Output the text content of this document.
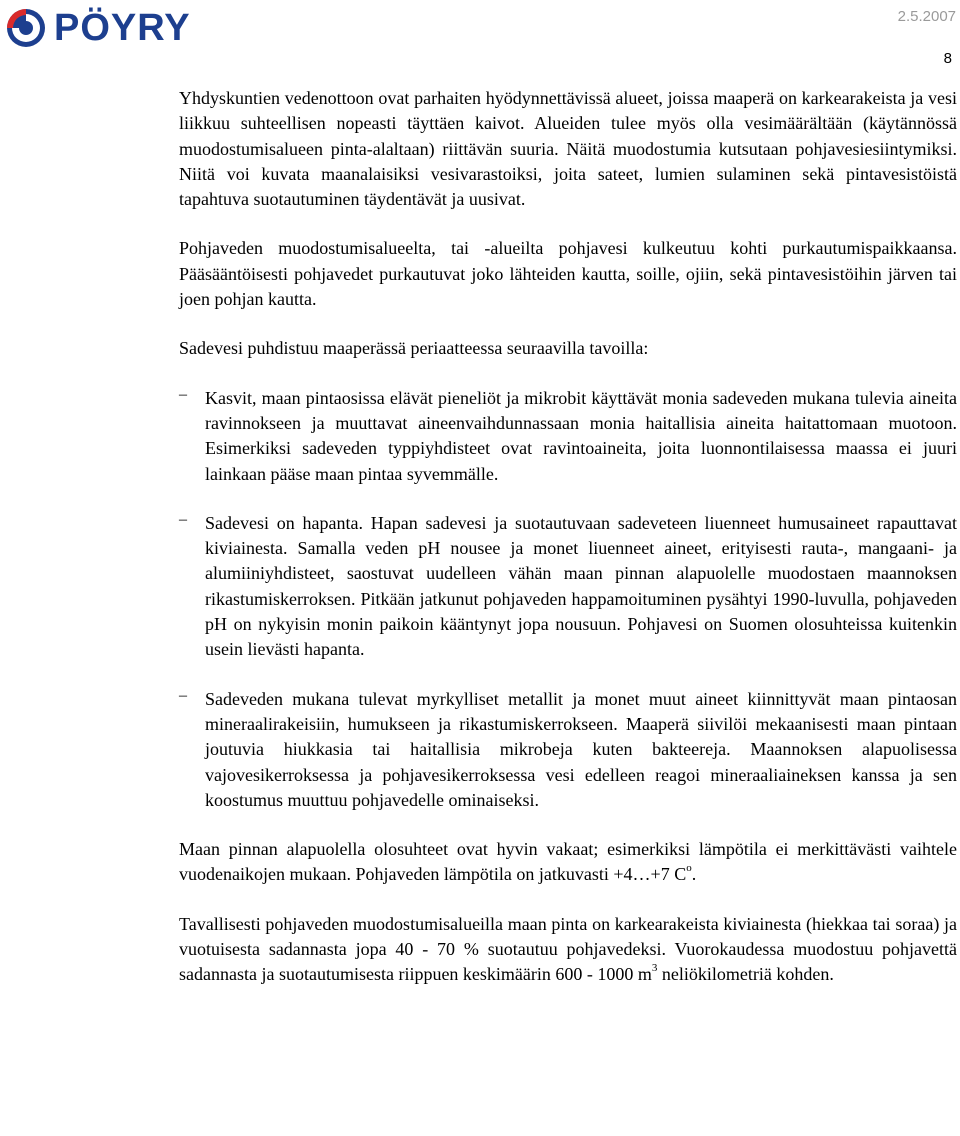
PÖYRY	2.5.2007
8

Yhdyskuntien vedenottoon ovat parhaiten hyödynnettävissä alueet, joissa maaperä on karkearakeista ja vesi liikkuu suhteellisen nopeasti täyttäen kaivot. Alueiden tulee myös olla vesimäärältään (käytännössä muodostumisalueen pinta-alaltaan) riittävän suuria. Näitä muodostumia kutsutaan pohjavesiesiintymiksi. Niitä voi kuvata maanalaisiksi vesivarastoiksi, joita sateet, lumien sulaminen sekä pintavesistöistä tapahtuva suotautuminen täydentävät ja uusivat.

Pohjaveden muodostumisalueelta, tai -alueilta pohjavesi kulkeutuu kohti purkautumispaikkaansa. Pääsääntöisesti pohjavedet purkautuvat joko lähteiden kautta, soille, ojiin, sekä pintavesistöihin järven tai joen pohjan kautta.

Sadevesi puhdistuu maaperässä periaatteessa seuraavilla tavoilla:

– Kasvit, maan pintaosissa elävät pieneliöt ja mikrobit käyttävät monia sadeveden mukana tulevia aineita ravinnokseen ja muuttavat aineenvaihdunnassaan monia haitallisia aineita haitattomaan muotoon. Esimerkiksi sadeveden typpiyhdisteet ovat ravintoaineita, joita luonnontilaisessa maassa ei juuri lainkaan pääse maan pintaa syvemmälle.

– Sadevesi on hapanta. Hapan sadevesi ja suotautuvaan sadeveteen liuenneet humusaineet rapauttavat kiviainesta. Samalla veden pH nousee ja monet liuenneet aineet, erityisesti rauta-, mangaani- ja alumiiniyhdisteet, saostuvat uudelleen vähän maan pinnan alapuolelle muodostaen maannoksen rikastumiskerroksen. Pitkään jatkunut pohjaveden happamoituminen pysähtyi 1990-luvulla, pohjaveden pH on nykyisin monin paikoin kääntynyt jopa nousuun. Pohjavesi on Suomen olosuhteissa kuitenkin usein lievästi hapanta.

– Sadeveden mukana tulevat myrkylliset metallit ja monet muut aineet kiinnittyvät maan pintaosan mineraalirakeisiin, humukseen ja rikastumiskerrokseen. Maaperä siivilöi mekaanisesti maan pintaan joutuvia hiukkasia tai haitallisia mikrobeja kuten bakteereja. Maannoksen alapuolisessa vajovesikerroksessa ja pohjavesikerroksessa vesi edelleen reagoi mineraaliaineksen kanssa ja sen koostumus muuttuu pohjavedelle ominaiseksi.

Maan pinnan alapuolella olosuhteet ovat hyvin vakaat; esimerkiksi lämpötila ei merkittävästi vaihtele vuodenaikojen mukaan. Pohjaveden lämpötila on jatkuvasti +4…+7 $C^o$.

Tavallisesti pohjaveden muodostumisalueilla maan pinta on karkearakeista kiviainesta (hiekkaa tai soraa) ja vuotuisesta sadannasta jopa 40 - 70 % suotautuu pohjavedeksi. Vuorokaudessa muodostuu pohjavettä sadannasta ja suotautumisesta riippuen keskimäärin 600 - 1000 $m^3$ neliökilometriä kohden.
